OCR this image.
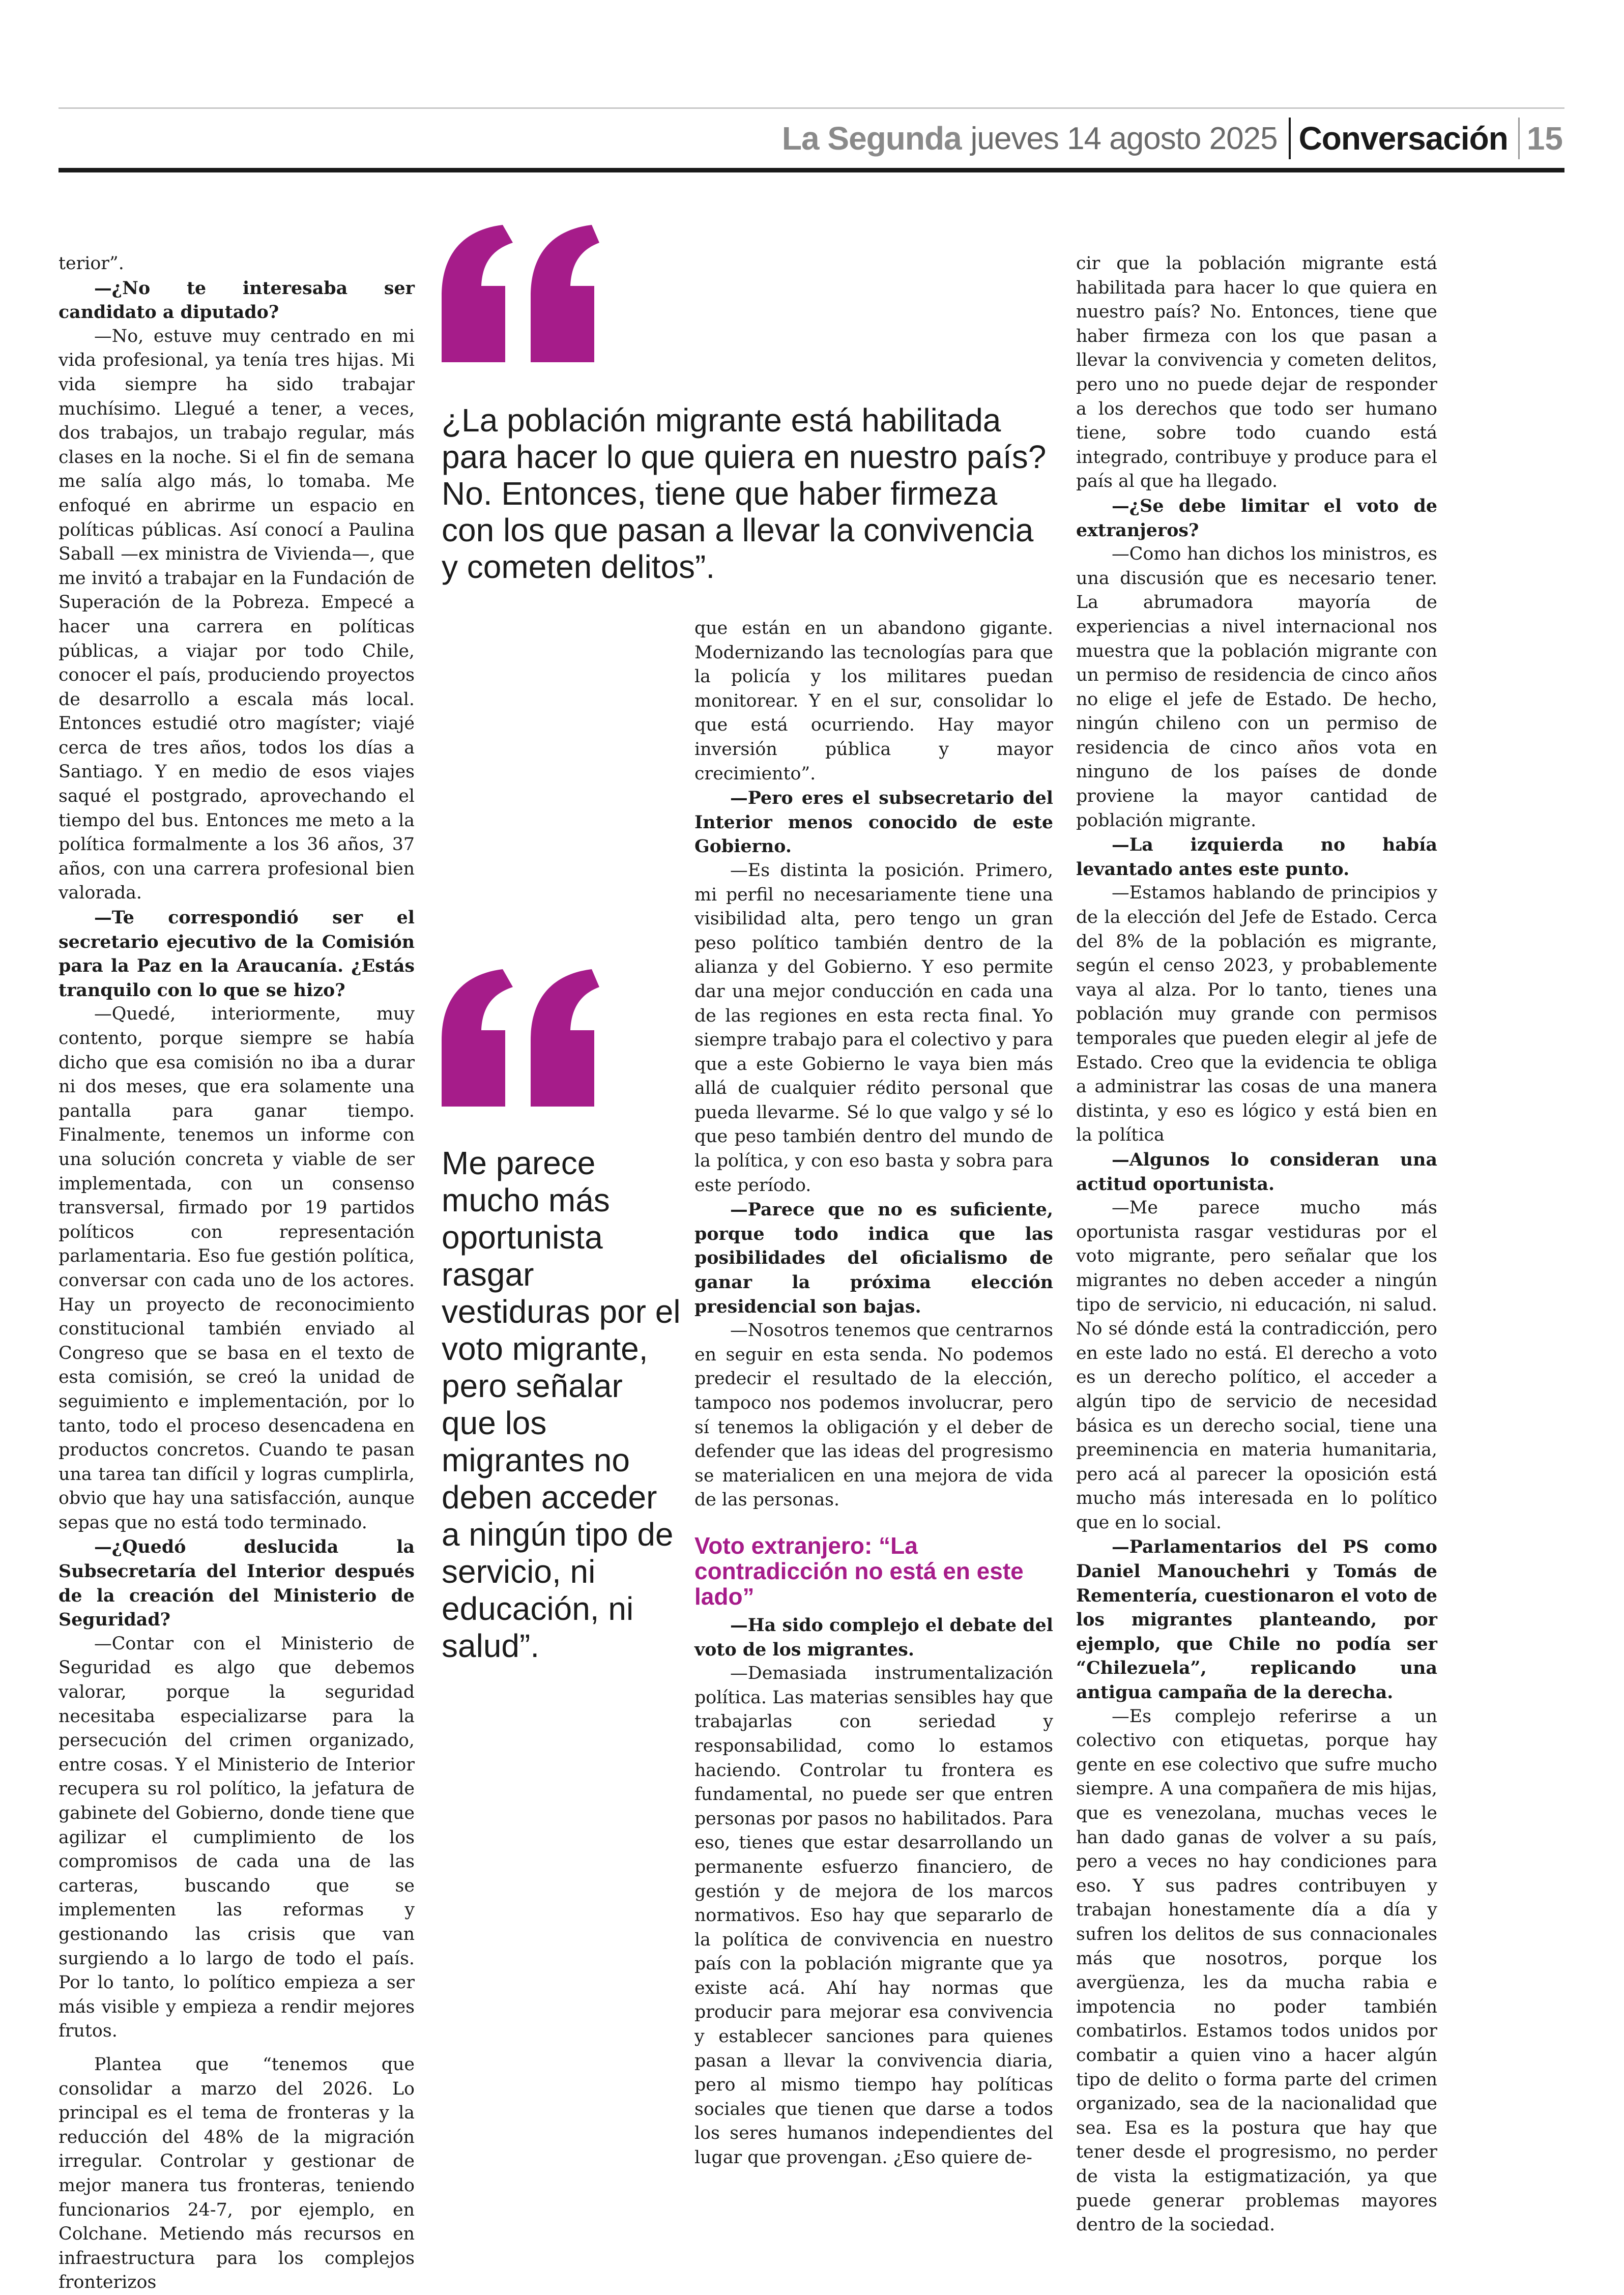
La Segunda jueves 14 agosto 2025 Conversación 15

terior”.

—¿No te interesaba ser candidato a diputado?

—No, estuve muy centrado en mi vida profesional, ya tenía tres hijas. Mi vida siempre ha sido trabajar muchísimo. Llegué a tener, a veces, dos trabajos, un trabajo regular, más clases en la noche. Si el fin de semana me salía algo más, lo tomaba. Me enfoqué en abrirme un espacio en políticas públicas. Así conocí a Paulina Saball —ex ministra de Vivienda—, que me invitó a trabajar en la Fundación de Superación de la Pobreza. Empecé a hacer una carrera en políticas públicas, a viajar por todo Chile, conocer el país, produciendo proyectos de desarrollo a escala más local. Entonces estudié otro magíster; viajé cerca de tres años, todos los días a Santiago. Y en medio de esos viajes saqué el postgrado, aprovechando el tiempo del bus. Entonces me meto a la política formalmente a los 36 años, 37 años, con una carrera profesional bien valorada.

—Te correspondió ser el secretario ejecutivo de la Comisión para la Paz en la Araucanía. ¿Estás tranquilo con lo que se hizo?

—Quedé, interiormente, muy contento, porque siempre se había dicho que esa comisión no iba a durar ni dos meses, que era solamente una pantalla para ganar tiempo. Finalmente, tenemos un informe con una solución concreta y viable de ser implementada, con un consenso transversal, firmado por 19 partidos políticos con representación parlamentaria. Eso fue gestión política, conversar con cada uno de los actores. Hay un proyecto de reconocimiento constitucional también enviado al Congreso que se basa en el texto de esta comisión, se creó la unidad de seguimiento e implementación, por lo tanto, todo el proceso desencadena en productos concretos. Cuando te pasan una tarea tan difícil y logras cumplirla, obvio que hay una satisfacción, aunque sepas que no está todo terminado.

—¿Quedó deslucida la Subsecretaría del Interior después de la creación del Ministerio de Seguridad?

—Contar con el Ministerio de Seguridad es algo que debemos valorar, porque la seguridad necesitaba especializarse para la persecución del crimen organizado, entre cosas. Y el Ministerio de Interior recupera su rol político, la jefatura de gabinete del Gobierno, donde tiene que agilizar el cumplimiento de los compromisos de cada una de las carteras, buscando que se implementen las reformas y gestionando las crisis que van surgiendo a lo largo de todo el país. Por lo tanto, lo político empieza a ser más visible y empieza a rendir mejores frutos.

Plantea que “tenemos que consolidar a marzo del 2026. Lo principal es el tema de fronteras y la reducción del 48% de la migración irregular. Controlar y gestionar de mejor manera tus fronteras, teniendo funcionarios 24-7, por ejemplo, en Colchane. Metiendo más recursos en infraestructura para los complejos fronterizos

¿La población migrante está habilitada para hacer lo que quiera en nuestro país? No. Entonces, tiene que haber firmeza con los que pasan a llevar la convivencia y cometen delitos”.
Me parece mucho más oportunista rasgar vestiduras por el voto migrante, pero señalar que los migrantes no deben acceder a ningún tipo de servicio, ni educación, ni salud”.

que están en un abandono gigante. Modernizando las tecnologías para que la policía y los militares puedan monitorear. Y en el sur, consolidar lo que está ocurriendo. Hay mayor inversión pública y mayor crecimiento”.

—Pero eres el subsecretario del Interior menos conocido de este Gobierno.

—Es distinta la posición. Primero, mi perfil no necesariamente tiene una visibilidad alta, pero tengo un gran peso político también dentro de la alianza y del Gobierno. Y eso permite dar una mejor conducción en cada una de las regiones en esta recta final. Yo siempre trabajo para el colectivo y para que a este Gobierno le vaya bien más allá de cualquier rédito personal que pueda llevarme. Sé lo que valgo y sé lo que peso también dentro del mundo de la política, y con eso basta y sobra para este período.

—Parece que no es suficiente, porque todo indica que las posibilidades del oficialismo de ganar la próxima elección presidencial son bajas.

—Nosotros tenemos que centrarnos en seguir en esta senda. No podemos predecir el resultado de la elección, tampoco nos podemos involucrar, pero sí tenemos la obligación y el deber de defender que las ideas del progresismo se materialicen en una mejora de vida de las personas.

Voto extranjero: “La contradicción no está en este lado”

—Ha sido complejo el debate del voto de los migrantes.

—Demasiada instrumentalización política. Las materias sensibles hay que trabajarlas con seriedad y responsabilidad, como lo estamos haciendo. Controlar tu frontera es fundamental, no puede ser que entren personas por pasos no habilitados. Para eso, tienes que estar desarrollando un permanente esfuerzo financiero, de gestión y de mejora de los marcos normativos. Eso hay que separarlo de la política de convivencia en nuestro país con la población migrante que ya existe acá. Ahí hay normas que producir para mejorar esa convivencia y establecer sanciones para quienes pasan a llevar la convivencia diaria, pero al mismo tiempo hay políticas sociales que tienen que darse a todos los seres humanos independientes del lugar que provengan. ¿Eso quiere de-

cir que la población migrante está habilitada para hacer lo que quiera en nuestro país? No. Entonces, tiene que haber firmeza con los que pasan a llevar la convivencia y cometen delitos, pero uno no puede dejar de responder a los derechos que todo ser humano tiene, sobre todo cuando está integrado, contribuye y produce para el país al que ha llegado.

—¿Se debe limitar el voto de extranjeros?

—Como han dichos los ministros, es una discusión que es necesario tener. La abrumadora mayoría de experiencias a nivel internacional nos muestra que la población migrante con un permiso de residencia de cinco años no elige el jefe de Estado. De hecho, ningún chileno con un permiso de residencia de cinco años vota en ninguno de los países de donde proviene la mayor cantidad de población migrante.

—La izquierda no había levantado antes este punto.

—Estamos hablando de principios y de la elección del Jefe de Estado. Cerca del 8% de la población es migrante, según el censo 2023, y probablemente vaya al alza. Por lo tanto, tienes una población muy grande con permisos temporales que pueden elegir al jefe de Estado. Creo que la evidencia te obliga a administrar las cosas de una manera distinta, y eso es lógico y está bien en la política

—Algunos lo consideran una actitud oportunista.

—Me parece mucho más oportunista rasgar vestiduras por el voto migrante, pero señalar que los migrantes no deben acceder a ningún tipo de servicio, ni educación, ni salud. No sé dónde está la contradicción, pero en este lado no está. El derecho a voto es un derecho político, el acceder a algún tipo de servicio de necesidad básica es un derecho social, tiene una preeminencia en materia humanitaria, pero acá al parecer la oposición está mucho más interesada en lo político que en lo social.

—Parlamentarios del PS como Daniel Manouchehri y Tomás de Rementería, cuestionaron el voto de los migrantes planteando, por ejemplo, que Chile no podía ser “Chilezuela”, replicando una antigua campaña de la derecha.

—Es complejo referirse a un colectivo con etiquetas, porque hay gente en ese colectivo que sufre mucho siempre. A una compañera de mis hijas, que es venezolana, muchas veces le han dado ganas de volver a su país, pero a veces no hay condiciones para eso. Y sus padres contribuyen y trabajan honestamente día a día y sufren los delitos de sus connacionales más que nosotros, porque los avergüenza, les da mucha rabia e impotencia no poder también combatirlos. Estamos todos unidos por combatir a quien vino a hacer algún tipo de delito o forma parte del crimen organizado, sea de la nacionalidad que sea. Esa es la postura que hay que tener desde el progresismo, no perder de vista la estigmatización, ya que puede generar problemas mayores dentro de la sociedad.
